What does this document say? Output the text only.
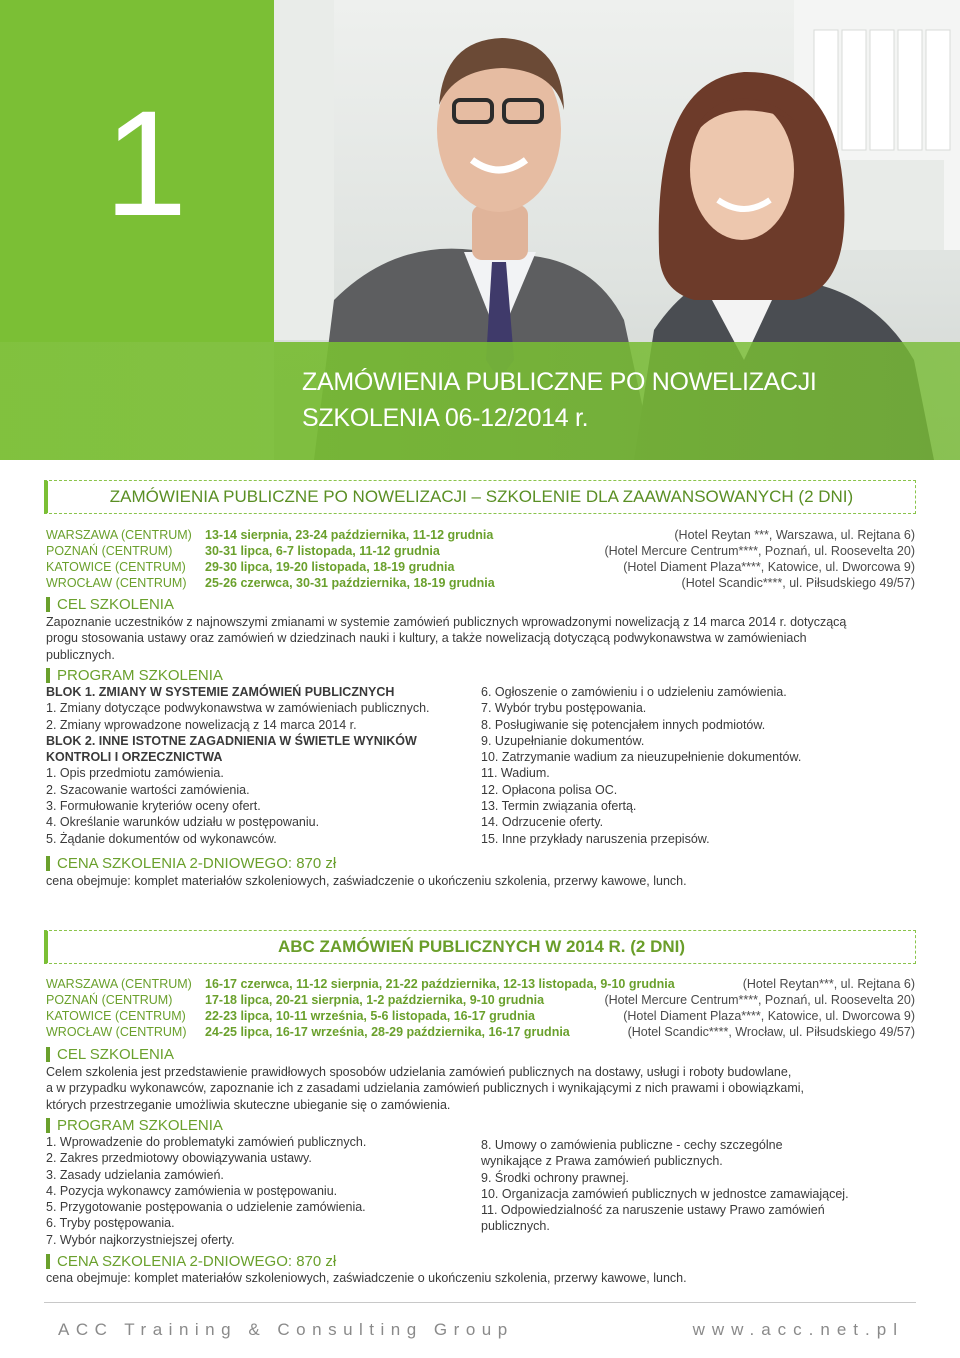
1
ZAMÓWIENIA PUBLICZNE PO NOWELIZACJI
SZKOLENIA 06-12/2014 r.
ZAMÓWIENIA PUBLICZNE PO NOWELIZACJI – SZKOLENIE DLA ZAAWANSOWANYCH (2 DNI)
WARSZAWA (CENTRUM) 13-14 sierpnia, 23-24 października, 11-12 grudnia	(Hotel Reytan ***, Warszawa, ul. Rejtana 6)
POZNAŃ (CENTRUM)	30-31 lipca, 6-7 listopada, 11-12 grudnia	(Hotel Mercure Centrum****, Poznań, ul. Roosevelta 20)
KATOWICE (CENTRUM) 29-30 lipca, 19-20 listopada, 18-19 grudnia	(Hotel Diament Plaza****, Katowice, ul. Dworcowa 9)
WROCŁAW (CENTRUM) 25-26 czerwca, 30-31 października, 18-19 grudnia	(Hotel Scandic****, ul. Piłsudskiego 49/57)
CEL SZKOLENIA
Zapoznanie uczestników z najnowszymi zmianami w systemie zamówień publicznych wprowadzonymi nowelizacją z 14 marca 2014 r. dotyczącą
progu stosowania ustawy oraz zamówień w dziedzinach nauki i kultury, a także nowelizacją dotyczącą podwykonawstwa w zamówieniach
publicznych.
PROGRAM SZKOLENIA
BLOK 1. ZMIANY W SYSTEMIE ZAMÓWIEŃ PUBLICZNYCH
1. Zmiany dotyczące podwykonawstwa w zamówieniach publicznych.
2. Zmiany wprowadzone nowelizacją z 14 marca 2014 r.
BLOK 2. INNE ISTOTNE ZAGADNIENIA W ŚWIETLE WYNIKÓW
KONTROLI I ORZECZNICTWA
1. Opis przedmiotu zamówienia.
2. Szacowanie wartości zamówienia.
3. Formułowanie kryteriów oceny ofert.
4. Określanie warunków udziału w postępowaniu.
5. Żądanie dokumentów od wykonawców.
6. Ogłoszenie o zamówieniu i o udzieleniu zamówienia.
7. Wybór trybu postępowania.
8. Posługiwanie się potencjałem innych podmiotów.
9. Uzupełnianie dokumentów.
10. Zatrzymanie wadium za nieuzupełnienie dokumentów.
11. Wadium.
12. Opłacona polisa OC.
13. Termin związania ofertą.
14. Odrzucenie oferty.
15. Inne przykłady naruszenia przepisów.
CENA SZKOLENIA 2-DNIOWEGO: 870 zł
cena obejmuje: komplet materiałów szkoleniowych, zaświadczenie o ukończeniu szkolenia, przerwy kawowe, lunch.
ABC ZAMÓWIEŃ PUBLICZNYCH W 2014 R. (2 DNI)
WARSZAWA (CENTRUM) 16-17 czerwca, 11-12 sierpnia, 21-22 października, 12-13 listopada, 9-10 grudnia	(Hotel Reytan***, ul. Rejtana 6)
POZNAŃ (CENTRUM)	17-18 lipca, 20-21 sierpnia, 1-2 października, 9-10 grudnia	(Hotel Mercure Centrum****, Poznań, ul. Roosevelta 20)
KATOWICE (CENTRUM) 22-23 lipca, 10-11 września, 5-6 listopada, 16-17 grudnia	(Hotel Diament Plaza****, Katowice, ul. Dworcowa 9)
WROCŁAW (CENTRUM) 24-25 lipca, 16-17 września, 28-29 października, 16-17 grudnia	(Hotel Scandic****, Wrocław, ul. Piłsudskiego 49/57)
CEL SZKOLENIA
Celem szkolenia jest przedstawienie prawidłowych sposobów udzielania zamówień publicznych na dostawy, usługi i roboty budowlane,
a w przypadku wykonawców, zapoznanie ich z zasadami udzielania zamówień publicznych i wynikającymi z nich prawami i obowiązkami,
których przestrzeganie umożliwia skuteczne ubieganie się o zamówienia.
PROGRAM SZKOLENIA
1. Wprowadzenie do problematyki zamówień publicznych.
2. Zakres przedmiotowy obowiązywania ustawy.
3. Zasady udzielania zamówień.
4. Pozycja wykonawcy zamówienia w postępowaniu.
5. Przygotowanie postępowania o udzielenie zamówienia.
6. Tryby postępowania.
7. Wybór najkorzystniejszej oferty.
8. Umowy o zamówienia publiczne - cechy szczególne
wynikające z Prawa zamówień publicznych.
9. Środki ochrony prawnej.
10. Organizacja zamówień publicznych w jednostce zamawiającej.
11. Odpowiedzialność za naruszenie ustawy Prawo zamówień
publicznych.
CENA SZKOLENIA 2-DNIOWEGO: 870 zł
cena obejmuje: komplet materiałów szkoleniowych, zaświadczenie o ukończeniu szkolenia, przerwy kawowe, lunch.
ACC Training & Consulting Group	www.acc.net.pl
